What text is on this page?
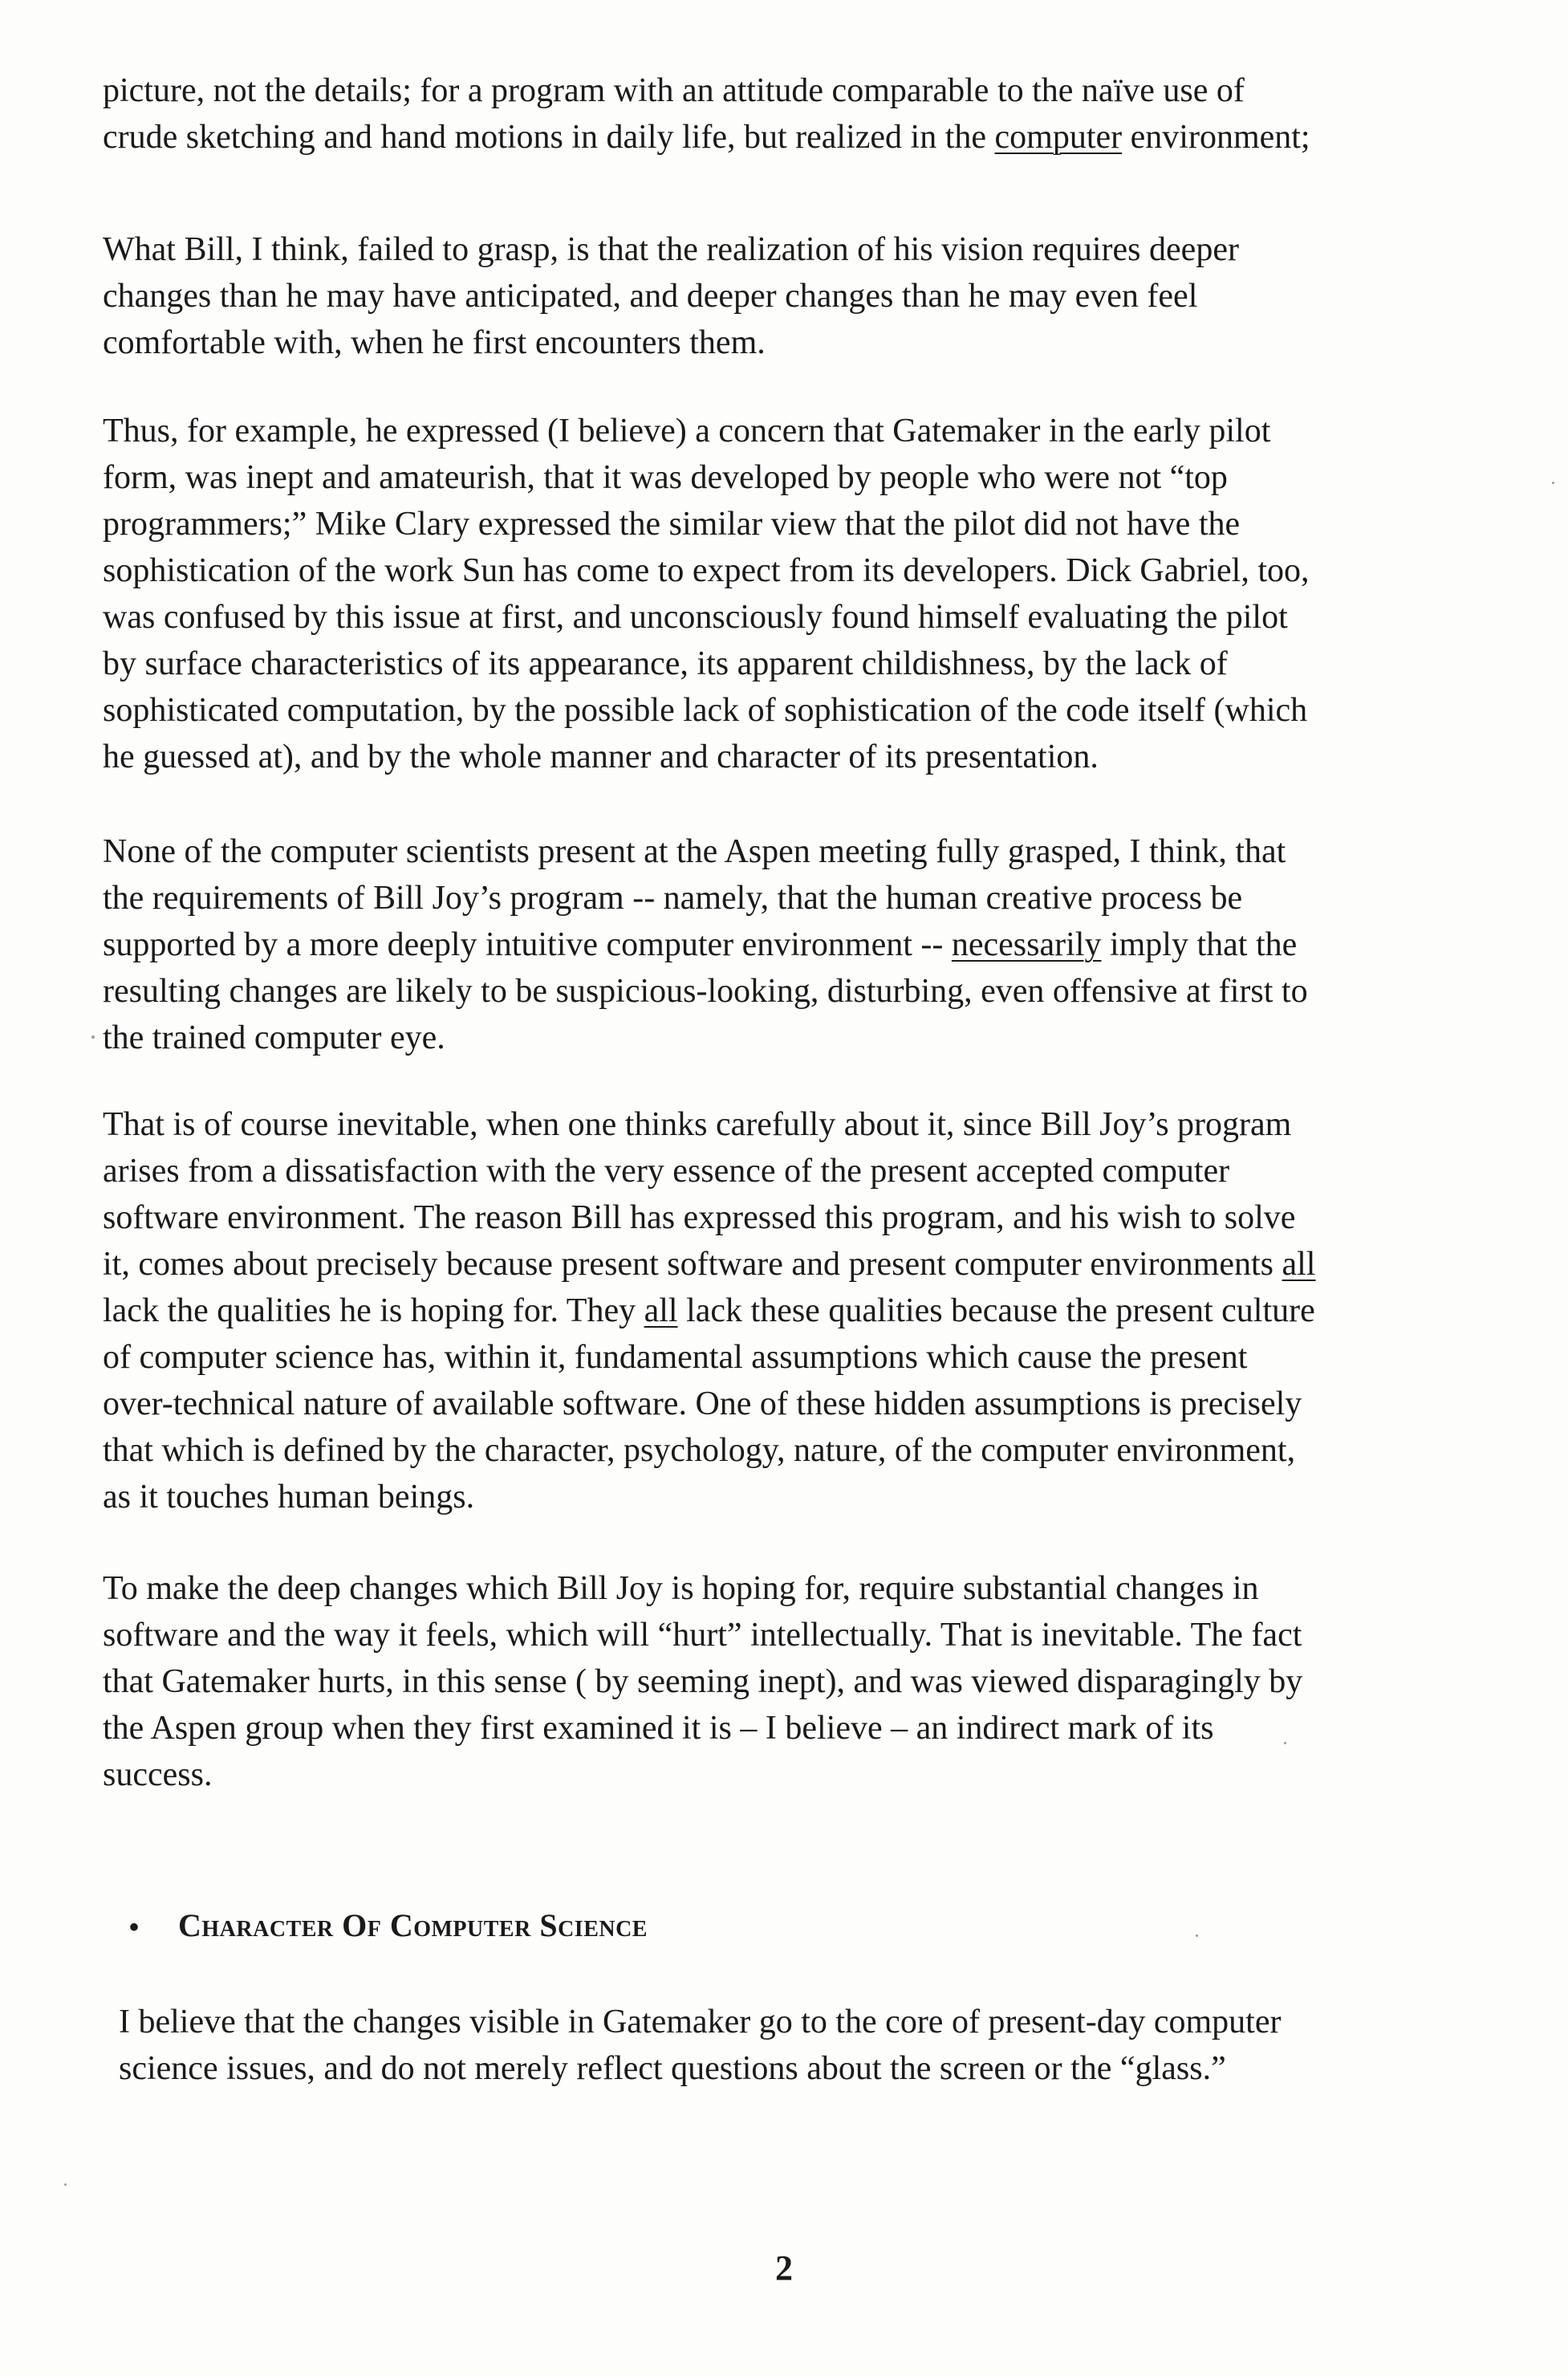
picture, not the details; for a program with an attitude comparable to the naïve use of
crude sketching and hand motions in daily life, but realized in the computer environment;
What Bill, I think, failed to grasp, is that the realization of his vision requires deeper
changes than he may have anticipated, and deeper changes than he may even feel
comfortable with, when he first encounters them.
Thus, for example, he expressed (I believe) a concern that Gatemaker in the early pilot
form, was inept and amateurish, that it was developed by people who were not “top
programmers;” Mike Clary expressed the similar view that the pilot did not have the
sophistication of the work Sun has come to expect from its developers. Dick Gabriel, too,
was confused by this issue at first, and unconsciously found himself evaluating the pilot
by surface characteristics of its appearance, its apparent childishness, by the lack of
sophisticated computation, by the possible lack of sophistication of the code itself (which
he guessed at), and by the whole manner and character of its presentation.
None of the computer scientists present at the Aspen meeting fully grasped, I think, that
the requirements of Bill Joy’s program -- namely, that the human creative process be
supported by a more deeply intuitive computer environment -- necessarily imply that the
resulting changes are likely to be suspicious-looking, disturbing, even offensive at first to
the trained computer eye.
That is of course inevitable, when one thinks carefully about it, since Bill Joy’s program
arises from a dissatisfaction with the very essence of the present accepted computer
software environment. The reason Bill has expressed this program, and his wish to solve
it, comes about precisely because present software and present computer environments all
lack the qualities he is hoping for. They all lack these qualities because the present culture
of computer science has, within it, fundamental assumptions which cause the present
over-technical nature of available software. One of these hidden assumptions is precisely
that which is defined by the character, psychology, nature, of the computer environment,
as it touches human beings.
To make the deep changes which Bill Joy is hoping for, require substantial changes in
software and the way it feels, which will “hurt” intellectually. That is inevitable. The fact
that Gatemaker hurts, in this sense ( by seeming inept), and was viewed disparagingly by
the Aspen group when they first examined it is – I believe – an indirect mark of its
success.
• Character Of Computer Science
I believe that the changes visible in Gatemaker go to the core of present-day computer
science issues, and do not merely reflect questions about the screen or the “glass.”
2
